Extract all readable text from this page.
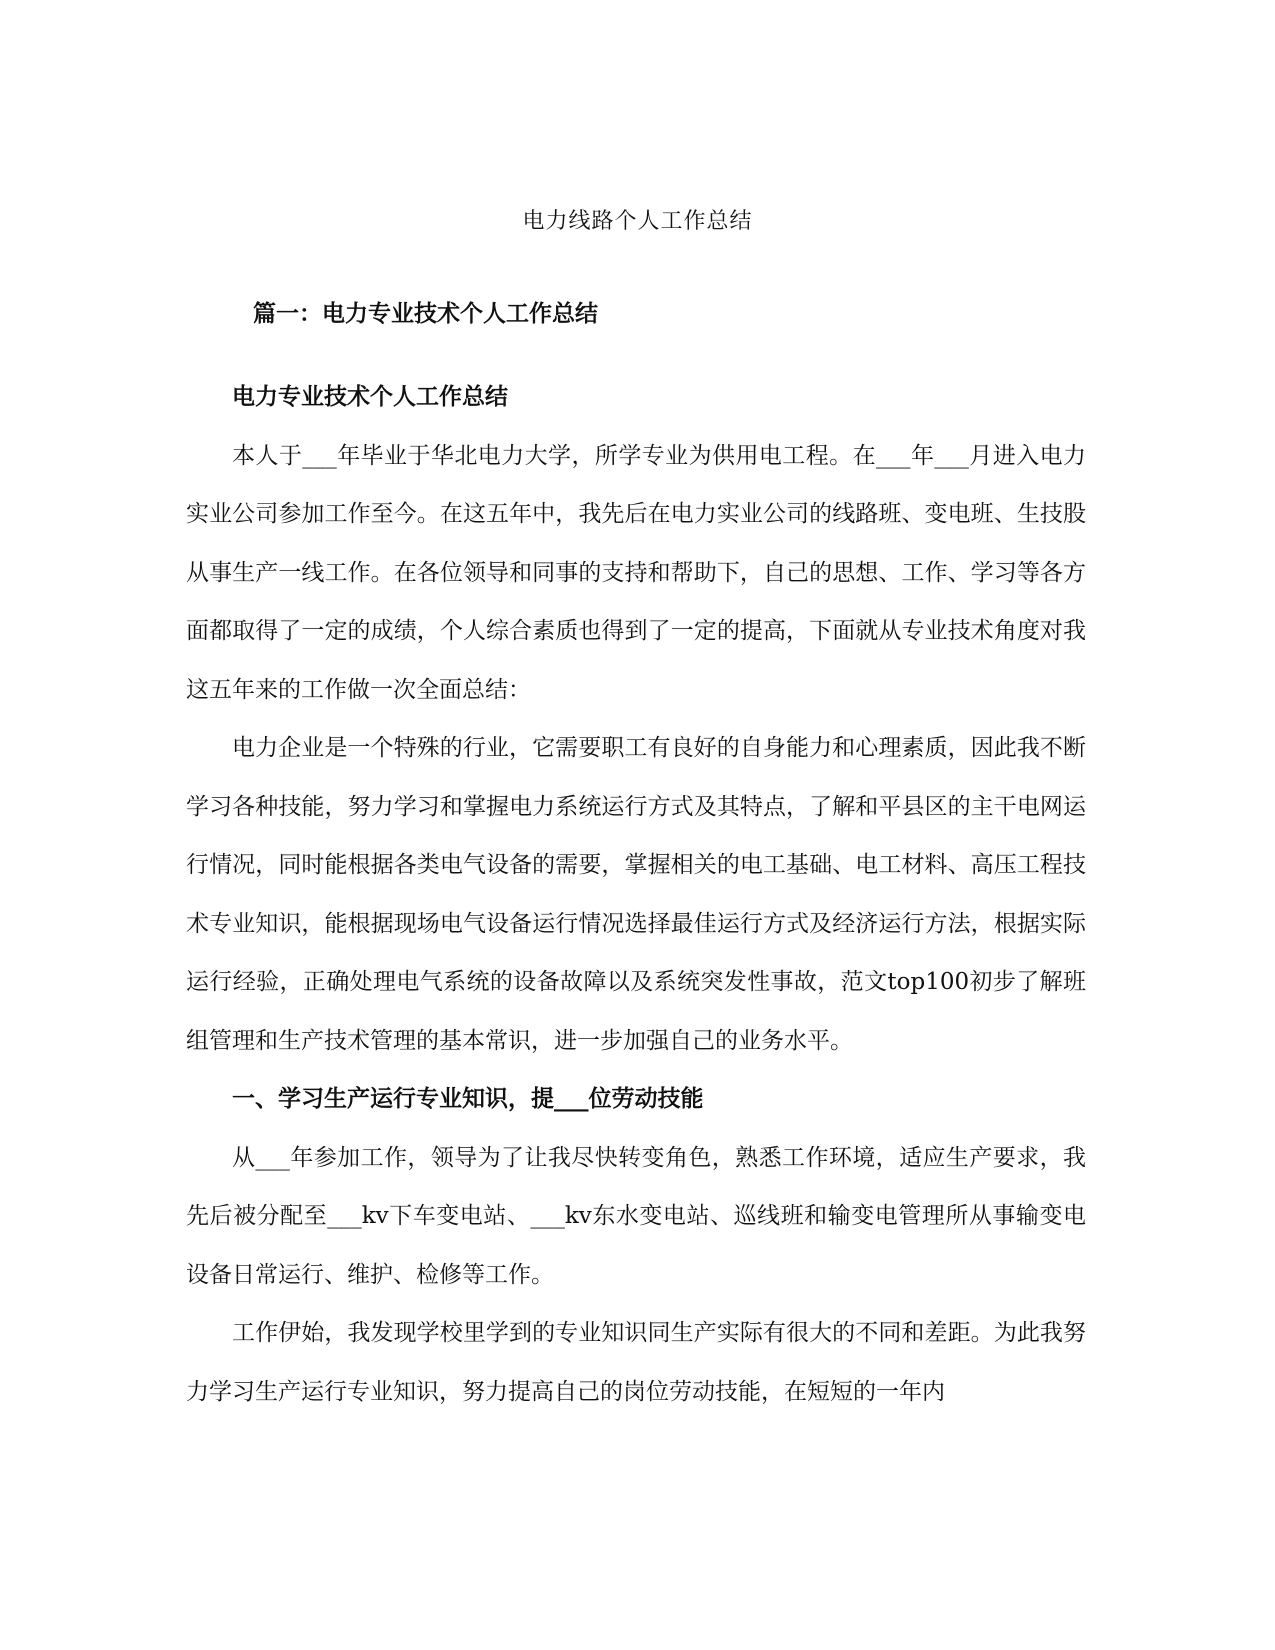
电力线路个人工作总结
篇一：电力专业技术个人工作总结

电力专业技术个人工作总结

本人于___年毕业于华北电力大学，所学专业为供用电工程。在___年___月进入电力实业公司参加工作至今。在这五年中，我先后在电力实业公司的线路班、变电班、生技股从事生产一线工作。在各位领导和同事的支持和帮助下，自己的思想、工作、学习等各方面都取得了一定的成绩，个人综合素质也得到了一定的提高，下面就从专业技术角度对我这五年来的工作做一次全面总结：

电力企业是一个特殊的行业，它需要职工有良好的自身能力和心理素质，因此我不断学习各种技能，努力学习和掌握电力系统运行方式及其特点，了解和平县区的主干电网运行情况，同时能根据各类电气设备的需要，掌握相关的电工基础、电工材料、高压工程技术专业知识，能根据现场电气设备运行情况选择最佳运行方式及经济运行方法，根据实际运行经验，正确处理电气系统的设备故障以及系统突发性事故，范文top100初步了解班组管理和生产技术管理的基本常识，进一步加强自己的业务水平。

一、学习生产运行专业知识，提___位劳动技能

从___年参加工作，领导为了让我尽快转变角色，熟悉工作环境，适应生产要求，我先后被分配至___kv下车变电站、___kv东水变电站、巡线班和输变电管理所从事输变电设备日常运行、维护、检修等工作。

工作伊始，我发现学校里学到的专业知识同生产实际有很大的不同和差距。为此我努力学习生产运行专业知识，努力提高自己的岗位劳动技能，在短短的一年内
